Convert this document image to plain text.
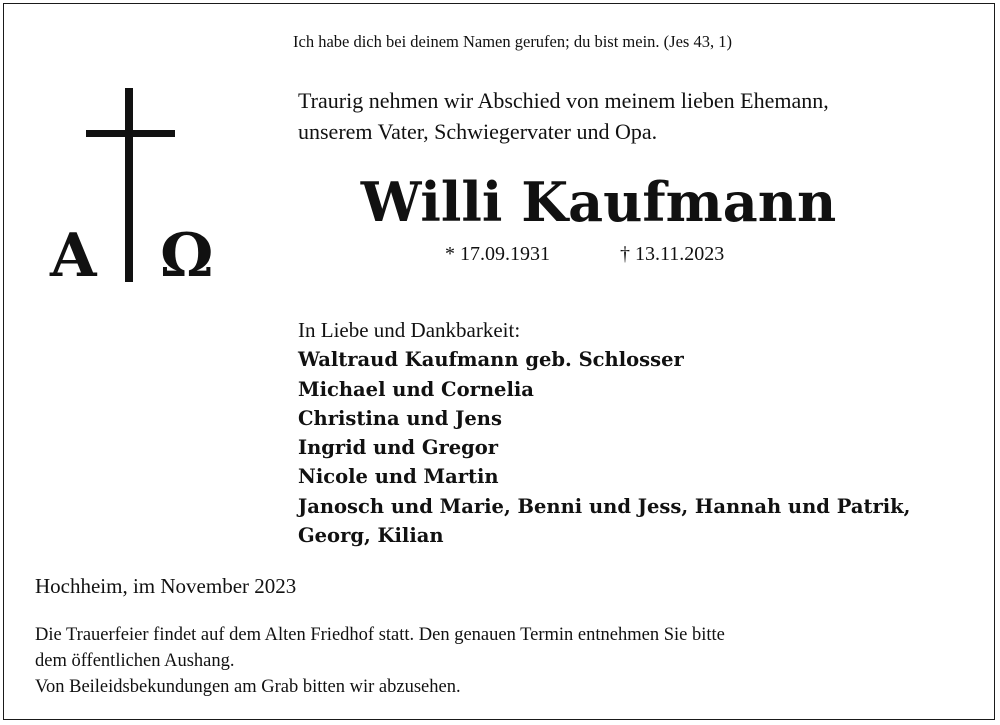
Ich habe dich bei deinem Namen gerufen; du bist mein. (Jes 43, 1)
Traurig nehmen wir Abschied von meinem lieben Ehemann,
unserem Vater, Schwiegervater und Opa.
Willi Kaufmann
* 17.09.1931	† 13.11.2023
A Ω
In Liebe und Dankbarkeit:
Waltraud Kaufmann geb. Schlosser
Michael und Cornelia
Christina und Jens
Ingrid und Gregor
Nicole und Martin
Janosch und Marie, Benni und Jess, Hannah und Patrik,
Georg, Kilian
Hochheim, im November 2023
Die Trauerfeier findet auf dem Alten Friedhof statt. Den genauen Termin entnehmen Sie bitte
dem öffentlichen Aushang.
Von Beileidsbekundungen am Grab bitten wir abzusehen.
